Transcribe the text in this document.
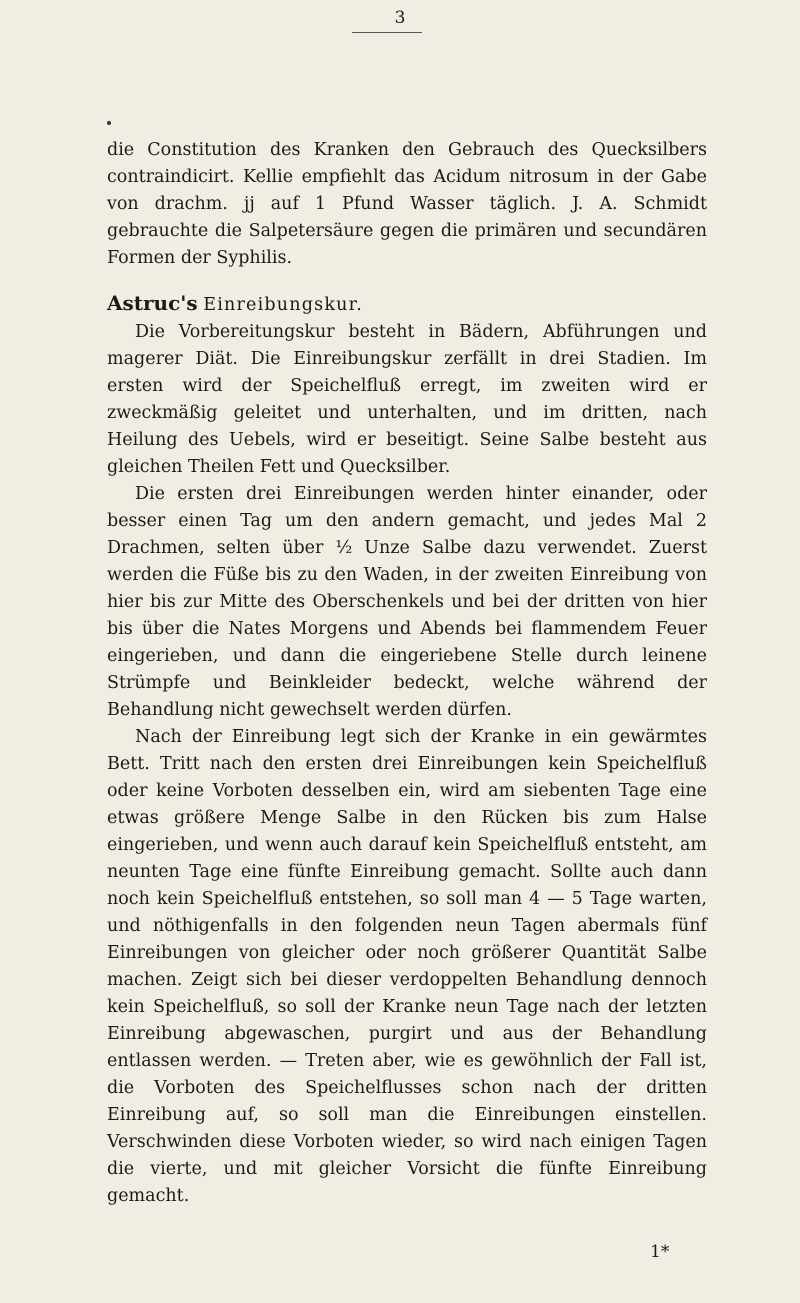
3

die Constitution des Kranken den Gebrauch des Quecksilbers contraindicirt. Kellie empfiehlt das Acidum nitrosum in der Gabe von drachm. jj auf 1 Pfund Wasser täglich. J. A. Schmidt gebrauchte die Salpetersäure gegen die primären und secundären Formen der Syphilis.

Astruc's Einreibungskur.

Die Vorbereitungskur besteht in Bädern, Abführungen und magerer Diät. Die Einreibungskur zerfällt in drei Stadien. Im ersten wird der Speichelfluß erregt, im zweiten wird er zweckmäßig geleitet und unterhalten, und im dritten, nach Heilung des Uebels, wird er beseitigt. Seine Salbe besteht aus gleichen Theilen Fett und Quecksilber.

Die ersten drei Einreibungen werden hinter einander, oder besser einen Tag um den andern gemacht, und jedes Mal 2 Drachmen, selten über ½ Unze Salbe dazu verwendet. Zuerst werden die Füße bis zu den Waden, in der zweiten Einreibung von hier bis zur Mitte des Oberschenkels und bei der dritten von hier bis über die Nates Morgens und Abends bei flammendem Feuer eingerieben, und dann die eingeriebene Stelle durch leinene Strümpfe und Beinkleider bedeckt, welche während der Behandlung nicht gewechselt werden dürfen.

Nach der Einreibung legt sich der Kranke in ein gewärmtes Bett. Tritt nach den ersten drei Einreibungen kein Speichelfluß oder keine Vorboten desselben ein, wird am siebenten Tage eine etwas größere Menge Salbe in den Rücken bis zum Halse eingerieben, und wenn auch darauf kein Speichelfluß entsteht, am neunten Tage eine fünfte Einreibung gemacht. Sollte auch dann noch kein Speichelfluß entstehen, so soll man 4 — 5 Tage warten, und nöthigenfalls in den folgenden neun Tagen abermals fünf Einreibungen von gleicher oder noch größerer Quantität Salbe machen. Zeigt sich bei dieser verdoppelten Behandlung dennoch kein Speichelfluß, so soll der Kranke neun Tage nach der letzten Einreibung abgewaschen, purgirt und aus der Behandlung entlassen werden. — Treten aber, wie es gewöhnlich der Fall ist, die Vorboten des Speichelflusses schon nach der dritten Einreibung auf, so soll man die Einreibungen einstellen. Verschwinden diese Vorboten wieder, so wird nach einigen Tagen die vierte, und mit gleicher Vorsicht die fünfte Einreibung gemacht.

1*
